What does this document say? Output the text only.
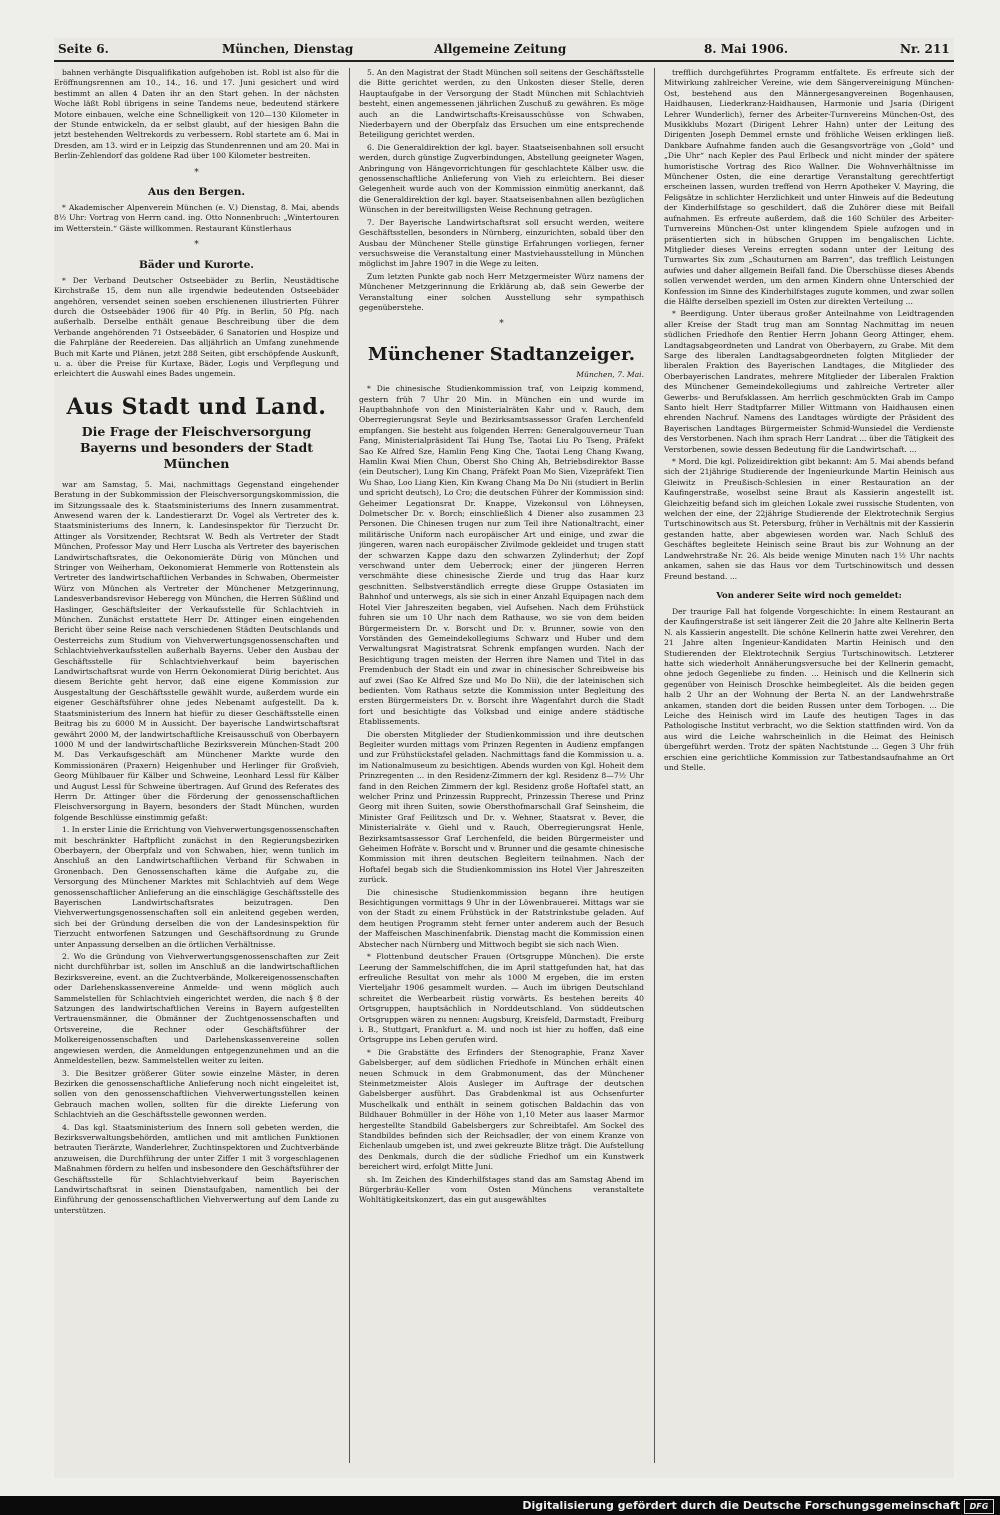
Seite 6.	München, Dienstag	Allgemeine Zeitung	8. Mai 1906.	Nr. 211

bahnen verhängte Disqualifikation aufgehoben ist. Robl ist also für die Eröffnungsrennen am 10., 14., 16. und 17. Juni gesichert und wird bestimmt an allen 4 Daten ihr an den Start gehen. In der nächsten Woche läßt Robl übrigens in seine Tandems neue, bedeutend stärkere Motore einbauen, welche eine Schnelligkeit von 120—130 Kilometer in der Stunde entwickeln, da er selbst glaubt, auf der hiesigen Bahn die jetzt bestehenden Weltrekords zu verbessern. Robl startete am 6. Mai in Dresden, am 13. wird er in Leipzig das Stundenrennen und am 20. Mai in Berlin-Zehlendorf das goldene Rad über 100 Kilometer bestreiten.

*
Aus den Bergen.

* Akademischer Alpenverein München (e. V.) Dienstag, 8. Mai, abends 8½ Uhr: Vortrag von Herrn cand. ing. Otto Nonnenbruch: „Wintertouren im Wetterstein.“ Gäste willkommen. Restaurant Künstlerhaus

*
Bäder und Kurorte.

* Der Verband Deutscher Ostseebäder zu Berlin, Neustädtische Kirchstraße 15, dem nun alle irgendwie bedeutenden Ostseebäder angehören, versendet seinen soeben erschienenen illustrierten Führer durch die Ostseebäder 1906 für 40 Pfg. in Berlin, 50 Pfg. nach außerhalb. Derselbe enthält genaue Beschreibung über die dem Verbande angehörenden 71 Ostseebäder, 6 Sanatorien und Hospize und die Fahrpläne der Reedereien. Das alljährlich an Umfang zunehmende Buch mit Karte und Plänen, jetzt 288 Seiten, gibt erschöpfende Auskunft, u. a. über die Preise für Kurtaxe, Bäder, Logis und Verpflegung und erleichtert die Auswahl eines Bades ungemein.

Aus Stadt und Land.
Die Frage der Fleischversorgung Bayerns und besonders der Stadt München

war am Samstag, 5. Mai, nachmittags Gegenstand eingehender Beratung in der Subkommission der Fleischversorgungskommission, die im Sitzungssaale des k. Staatsministeriums des Innern zusammentrat. Anwesend waren der k. Landestierarzt Dr. Vogel als Vertreter des k. Staatsministeriums des Innern, k. Landesinspektor für Tierzucht Dr. Attinger als Vorsitzender, Rechtsrat W. Bedh als Vertreter der Stadt München, Professor May und Herr Luscha als Vertreter des bayerischen Landwirtschaftsrates, die Oekonomieräte Dürig von München und Stringer von Weiherham, Oekonomierat Hemmerle von Rottenstein als Vertreter des landwirtschaftlichen Verbandes in Schwaben, Obermeister Würz von München als Vertreter der Münchener Metzgerinnung, Landesverbandsrevisor Heberegg von München, die Herren Süßlind und Haslinger, Geschäftsleiter der Verkaufsstelle für Schlachtvieh in München. Zunächst erstattete Herr Dr. Attinger einen eingehenden Bericht über seine Reise nach verschiedenen Städten Deutschlands und Oesterreichs zum Studium von Viehverwertungsgenossenschaften und Schlachtviehverkaufsstellen außerhalb Bayerns. Ueber den Ausbau der Geschäftsstelle für Schlachtviehverkauf beim bayerischen Landwirtschaftsrat wurde von Herrn Oekonomierat Dürig berichtet. Aus diesem Berichte geht hervor, daß eine eigene Kommission zur Ausgestaltung der Geschäftsstelle gewählt wurde, außerdem wurde ein eigener Geschäftsführer ohne jedes Nebenamt aufgestellt. Da k. Staatsministerium des Innern hat hiefür zu dieser Geschäftsstelle einen Beitrag bis zu 6000 M in Aussicht. Der bayerische Landwirtschaftsrat gewährt 2000 M, der landwirtschaftliche Kreisausschuß von Oberbayern 1000 M und der landwirtschaftliche Bezirksverein München-Stadt 200 M. Das Verkaufsgeschäft am Münchener Markte wurde den Kommissionären (Praxern) Heigenhuber und Herlinger für Großvieh, Georg Mühlbauer für Kälber und Schweine, Leonhard Lessl für Kälber und August Lessl für Schweine übertragen. Auf Grund des Referates des Herrn Dr. Attinger über die Förderung der genossenschaftlichen Fleischversorgung in Bayern, besonders der Stadt München, wurden folgende Beschlüsse einstimmig gefaßt:

1. In erster Linie die Errichtung von Viehverwertungsgenossenschaften mit beschränkter Haftpflicht zunächst in den Regierungsbezirken Oberbayern, der Oberpfalz und von Schwaben, hier, wenn tunlich im Anschluß an den Landwirtschaftlichen Verband für Schwaben in Gronenbach. Den Genossenschaften käme die Aufgabe zu, die Versorgung des Münchener Marktes mit Schlachtvieh auf dem Wege genossenschaftlicher Anlieferung an die einschlägige Geschäftsstelle des Bayerischen Landwirtschaftsrates beizutragen. Den Viehverwertungsgenossenschaften soll ein anleitend gegeben werden, sich bei der Gründung derselben die von der Landesinspektion für Tierzucht entworfenen Satzungen und Geschäftsordnung zu Grunde unter Anpassung derselben an die örtlichen Verhältnisse.

2. Wo die Gründung von Viehverwertungsgenossenschaften zur Zeit nicht durchführbar ist, sollen im Anschluß an die landwirtschaftlichen Bezirksvereine, event. an die Zuchtverbände, Molkereigenossenschaften oder Darlehenskassenvereine Anmelde- und wenn möglich auch Sammelstellen für Schlachtvieh eingerichtet werden, die nach § 8 der Satzungen des landwirtschaftlichen Vereins in Bayern aufgestellten Vertrauensmänner, die Obmänner der Zuchtgenossenschaften und Ortsvereine, die Rechner oder Geschäftsführer der Molkereigenossenschaften und Darlehenskassenvereine sollen angewiesen werden, die Anmeldungen entgegenzunehmen und an die Anmeldestellen, bezw. Sammelstellen weiter zu leiten.

3. Die Besitzer größerer Güter sowie einzelne Mäster, in deren Bezirken die genossenschaftliche Anlieferung noch nicht eingeleitet ist, sollen von den genossenschaftlichen Viehverwertungsstellen keinen Gebrauch machen wollen, sollten für die direkte Lieferung von Schlachtvieh an die Geschäftsstelle gewonnen werden.

4. Das kgl. Staatsministerium des Innern soll gebeten werden, die Bezirksverwaltungsbehörden, amtlichen und mit amtlichen Funktionen betrauten Tierärzte, Wanderlehrer, Zuchtinspektoren und Zuchtverbände anzuweisen, die Durchführung der unter Ziffer 1 mit 3 vorgeschlagenen Maßnahmen fördern zu helfen und insbesondere den Geschäftsführer der Geschäftsstelle für Schlachtviehverkauf beim Bayerischen Landwirtschaftsrat in seinen Dienstaufgaben, namentlich bei der Einführung der genossenschaftlichen Viehverwertung auf dem Lande zu unterstützen.

5. An den Magistrat der Stadt München soll seitens der Geschäftsstelle die Bitte gerichtet werden, zu den Unkosten dieser Stelle, deren Hauptaufgabe in der Versorgung der Stadt München mit Schlachtvieh besteht, einen angemessenen jährlichen Zuschuß zu gewähren. Es möge auch an die Landwirtschafts-Kreisausschüsse von Schwaben, Niederbayern und der Oberpfalz das Ersuchen um eine entsprechende Beteiligung gerichtet werden.

6. Die Generaldirektion der kgl. bayer. Staatseisenbahnen soll ersucht werden, durch günstige Zugverbindungen, Abstellung geeigneter Wagen, Anbringung von Hängevorrichtungen für geschlachtete Kälber usw. die genossenschaftliche Anlieferung von Vieh zu erleichtern. Bei dieser Gelegenheit wurde auch von der Kommission einmütig anerkannt, daß die Generaldirektion der kgl. bayer. Staatseisenbahnen allen bezüglichen Wünschen in der bereitwilligsten Weise Rechnung getragen.

7. Der Bayerische Landwirtschaftsrat soll ersucht werden, weitere Geschäftsstellen, besonders in Nürnberg, einzurichten, sobald über den Ausbau der Münchener Stelle günstige Erfahrungen vorliegen, ferner versuchsweise die Veranstaltung einer Mastviehausstellung in München möglichst im Jahre 1907 in die Wege zu leiten.

Zum letzten Punkte gab noch Herr Metzgermeister Würz namens der Münchener Metzgerinnung die Erklärung ab, daß sein Gewerbe der Veranstaltung einer solchen Ausstellung sehr sympathisch gegenüberstehe.

*
Münchener Stadtanzeiger.
München, 7. Mai.

* Die chinesische Studienkommission traf, von Leipzig kommend, gestern früh 7 Uhr 20 Min. in München ein und wurde im Hauptbahnhofe von den Ministerialräten Kahr und v. Rauch, dem Oberregierungsrat Seyle und Bezirksamtsassessor Grafen Lerchenfeld empfangen. Sie besteht aus folgenden Herren: Generalgouverneur Tuan Fang, Ministerialpräsident Tai Hung Tse, Taotai Liu Po Tseng, Präfekt Sao Ke Alfred Sze, Hamlin Feng King Che, Taotai Leng Chang Kwang, Hamlin Kwai Mien Chun, Oberst Sho Ching Ah, Betriebsdirektor Basse (ein Deutscher), Lung Kin Chang, Präfekt Poan Mo Sien, Vizepräfekt Tien Wu Shao, Loo Liang Kien, Kin Kwang Chang Ma Do Nii (studiert in Berlin und spricht deutsch), Lo Cro; die deutschen Führer der Kommission sind: Geheimer Legationsrat Dr. Knappe, Vizekonsul von Löhneysen, Dolmetscher Dr. v. Borch; einschließlich 4 Diener also zusammen 23 Personen. Die Chinesen trugen nur zum Teil ihre Nationaltracht, einer militärische Uniform nach europäischer Art und einige, und zwar die jüngeren, waren nach europäischer Zivilmode gekleidet und trugen statt der schwarzen Kappe dazu den schwarzen Zylinderhut; der Zopf verschwand unter dem Ueberrock; einer der jüngeren Herren verschmähte diese chinesische Zierde und trug das Haar kurz geschnitten. Selbstverständlich erregte diese Gruppe Ostasiaten im Bahnhof und unterwegs, als sie sich in einer Anzahl Equipagen nach dem Hotel Vier Jahreszeiten begaben, viel Aufsehen. Nach dem Frühstück fuhren sie um 10 Uhr nach dem Rathause, wo sie von dem beiden Bürgermeistern Dr. v. Borscht und Dr. v. Brunner, sowie von den Vorständen des Gemeindekollegiums Schwarz und Huber und dem Verwaltungsrat Magistratsrat Schrenk empfangen wurden. Nach der Besichtigung tragen meisten der Herren ihre Namen und Titel in das Fremdenbuch der Stadt ein und zwar in chinesischer Schreibweise bis auf zwei (Sao Ke Alfred Sze und Mo Do Nii), die der lateinischen sich bedienten. Vom Rathaus setzte die Kommission unter Begleitung des ersten Bürgermeisters Dr. v. Borscht ihre Wagenfahrt durch die Stadt fort und besichtigte das Volksbad und einige andere städtische Etablissements.

Die obersten Mitglieder der Studienkommission und ihre deutschen Begleiter wurden mittags vom Prinzen Regenten in Audienz empfangen und zur Frühstückstafel geladen. Nachmittags fand die Kommission u. a. im Nationalmuseum zu besichtigen. Abends wurden von Kgl. Hoheit dem Prinzregenten ... in den Residenz-Zimmern der kgl. Residenz 8—7½ Uhr fand in den Reichen Zimmern der kgl. Residenz große Hoftafel statt, an welcher Prinz und Prinzessin Rupprecht, Prinzessin Therese und Prinz Georg mit ihren Suiten, sowie Obersthofmarschall Graf Seinsheim, die Minister Graf Feilitzsch und Dr. v. Wehner, Staatsrat v. Bever, die Ministerialräte v. Giehl und v. Rauch, Oberregierungsrat Henle, Bezirksamtsassessor Graf Lerchenfeld, die beiden Bürgermeister und Geheimen Hofräte v. Borscht und v. Brunner und die gesamte chinesische Kommission mit ihren deutschen Begleitern teilnahmen. Nach der Hoftafel begab sich die Studienkommission ins Hotel Vier Jahreszeiten zurück.

Die chinesische Studienkommission begann ihre heutigen Besichtigungen vormittags 9 Uhr in der Löwenbrauerei. Mittags war sie von der Stadt zu einem Frühstück in der Ratstrinkstube geladen. Auf dem heutigen Programm steht ferner unter anderem auch der Besuch der Maffeischen Maschinenfabrik. Dienstag macht die Kommission einen Abstecher nach Nürnberg und Mittwoch begibt sie sich nach Wien.

* Flottenbund deutscher Frauen (Ortsgruppe München). Die erste Leerung der Sammelschiffchen, die im April stattgefunden hat, hat das erfreuliche Resultat von mehr als 1000 M ergeben, die im ersten Vierteljahr 1906 gesammelt wurden. — Auch im übrigen Deutschland schreitet die Werbearbeit rüstig vorwärts. Es bestehen bereits 40 Ortsgruppen, hauptsächlich in Norddeutschland. Von süddeutschen Ortsgruppen wären zu nennen: Augsburg, Kreisfeld, Darmstadt, Freiburg i. B., Stuttgart, Frankfurt a. M. und noch ist hier zu hoffen, daß eine Ortsgruppe ins Leben gerufen wird.

* Die Grabstätte des Erfinders der Stenographie, Franz Xaver Gabelsberger, auf dem südlichen Friedhofe in München erhält einen neuen Schmuck in dem Grabmonument, das der Münchener Steinmetzmeister Alois Ausleger im Auftrage der deutschen Gabelsberger ausführt. Das Grabdenkmal ist aus Ochsenfurter Muschelkalk und enthält in seinem gotischen Baldachin das von Bildhauer Bohmüller in der Höhe von 1,10 Meter aus laaser Marmor hergestellte Standbild Gabelsbergers zur Schreibtafel. Am Sockel des Standbildes befinden sich der Reichsadler, der von einem Kranze von Eichenlaub umgeben ist, und zwei gekreuzte Blitze trägt. Die Aufstellung des Denkmals, durch die der südliche Friedhof um ein Kunstwerk bereichert wird, erfolgt Mitte Juni.

sh. Im Zeichen des Kinderhilfstages stand das am Samstag Abend im Bürgerbräu-Keller vom Osten Münchens veranstaltete Wohltätigkeitskonzert, das ein gut ausgewähltes

trefflich durchgeführtes Programm entfaltete. Es erfreute sich der Mitwirkung zahlreicher Vereine, wie dem Sängervereinigung München-Ost, bestehend aus den Männergesangvereinen Bogenhausen, Haidhausen, Liederkranz-Haidhausen, Harmonie und Jsaria (Dirigent Lehrer Wunderlich), ferner des Arbeiter-Turnvereins München-Ost, des Musikklubs Mozart (Dirigent Lehrer Hahn) unter der Leitung des Dirigenten Joseph Demmel ernste und fröhliche Weisen erklingen ließ. Dankbare Aufnahme fanden auch die Gesangsvorträge von „Gold“ und „Die Uhr“ nach Kepler des Paul Erlbeck und nicht minder der spätere humoristische Vortrag des Rico Wallner. Die Wohnverhältnisse im Münchener Osten, die eine derartige Veranstaltung gerechtfertigt erscheinen lassen, wurden treffend von Herrn Apotheker V. Mayring, die Feligsätze in schlichter Herzlichkeit und unter Hinweis auf die Bedeutung der Kinderhilfstage so geschildert, daß die Zuhörer diese mit Beifall aufnahmen. Es erfreute außerdem, daß die 160 Schüler des Arbeiter-Turnvereins München-Ost unter klingendem Spiele aufzogen und in präsentierten sich in hübschen Gruppen im bengalischen Lichte. Mitglieder dieses Vereins erregten sodann unter der Leitung des Turnwartes Six zum „Schauturnen am Barren“, das trefflich Leistungen aufwies und daher allgemein Beifall fand. Die Überschüsse dieses Abends sollen verwendet werden, um den armen Kindern ohne Unterschied der Konfession im Sinne des Kinderhilfstages zugute kommen, und zwar sollen die Hälfte derselben speziell im Osten zur direkten Verteilung ...

* Beerdigung. Unter überaus großer Anteilnahme von Leidtragenden aller Kreise der Stadt trug man am Sonntag Nachmittag im neuen südlichen Friedhofe den Rentier Herrn Johann Georg Attinger, ehem. Landtagsabgeordneten und Landrat von Oberbayern, zu Grabe. Mit dem Sarge des liberalen Landtagsabgeordneten folgten Mitglieder der liberalen Fraktion des Bayerischen Landtages, die Mitglieder des Oberbayerischen Landrates, mehrere Mitglieder der Liberalen Fraktion des Münchener Gemeindekollegiums und zahlreiche Vertreter aller Gewerbs- und Berufsklassen. Am herrlich geschmückten Grab im Campo Santo hielt Herr Stadtpfarrer Miller Wittmann von Haidhausen einen ehrenden Nachruf. Namens des Landtages würdigte der Präsident des Bayerischen Landtages Bürgermeister Schmid-Wunsiedel die Verdienste des Verstorbenen. Nach ihm sprach Herr Landrat ... über die Tätigkeit des Verstorbenen, sowie dessen Bedeutung für die Landwirtschaft. ...

* Mord. Die kgl. Polizeidirektion gibt bekannt: Am 5. Mai abends befand sich der 21jährige Studierende der Ingenieurkunde Martin Heinisch aus Gleiwitz in Preußisch-Schlesien in einer Restauration an der Kaufingerstraße, woselbst seine Braut als Kassierin angestellt ist. Gleichzeitig befand sich im gleichen Lokale zwei russische Studenten, von welchen der eine, der 22jährige Studierende der Elektrotechnik Sergius Turtschinowitsch aus St. Petersburg, früher in Verhältnis mit der Kassierin gestanden hatte, aber abgewiesen worden war. Nach Schluß des Geschäftes begleitete Heinisch seine Braut bis zur Wohnung an der Landwehrstraße Nr. 26. Als beide wenige Minuten nach 1½ Uhr nachts ankamen, sahen sie das Haus vor dem Turtschinowitsch und dessen Freund bestand. ...

Von anderer Seite wird noch gemeldet:

Der traurige Fall hat folgende Vorgeschichte: In einem Restaurant an der Kaufingerstraße ist seit längerer Zeit die 20 Jahre alte Kellnerin Berta N. als Kassierin angestellt. Die schöne Kellnerin hatte zwei Verehrer, den 21 Jahre alten Ingenieur-Kandidaten Martin Heinisch und den Studierenden der Elektrotechnik Sergius Turtschinowitsch. Letzterer hatte sich wiederholt Annäherungsversuche bei der Kellnerin gemacht, ohne jedoch Gegenliebe zu finden. ... Heinisch und die Kellnerin sich gegenüber von Heinisch Droschke heimbegleitet. Als die beiden gegen halb 2 Uhr an der Wohnung der Berta N. an der Landwehrstraße ankamen, standen dort die beiden Russen unter dem Torbogen. ... Die Leiche des Heinisch wird im Laufe des heutigen Tages in das Pathologische Institut verbracht, wo die Sektion stattfinden wird. Von da aus wird die Leiche wahrscheinlich in die Heimat des Heinisch übergeführt werden. Trotz der späten Nachtstunde ... Gegen 3 Uhr früh erschien eine gerichtliche Kommission zur Tatbestandsaufnahme an Ort und Stelle.

Digitalisierung gefördert durch die Deutsche Forschungsgemeinschaft	DFG
